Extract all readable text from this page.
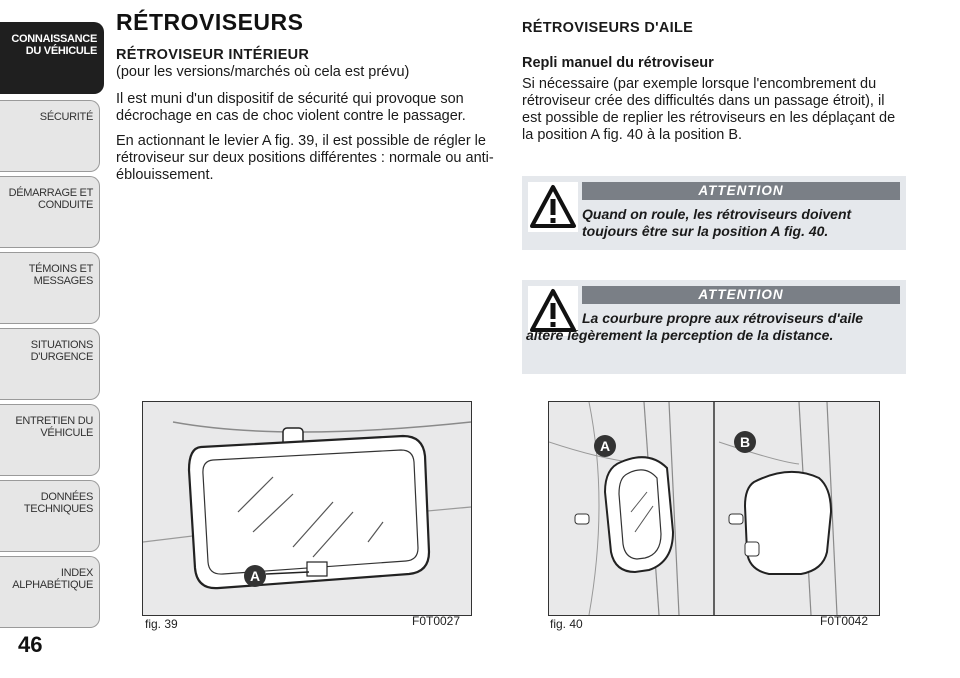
CONNAISSANCE
DU VÉHICULE
SÉCURITÉ
DÉMARRAGE ET
CONDUITE
TÉMOINS ET
MESSAGES
SITUATIONS
D'URGENCE
ENTRETIEN DU
VÉHICULE
DONNÉES
TECHNIQUES
INDEX
ALPHABÉTIQUE
46
RÉTROVISEURS
RÉTROVISEUR INTÉRIEUR

(pour les versions/marchés où cela est prévu)

Il est muni d'un dispositif de sécurité qui provoque son décrochage en cas de choc violent contre le passager.

En actionnant le levier A fig. 39, il est possible de régler le rétroviseur sur deux positions différentes : normale ou anti-éblouissement.

RÉTROVISEURS D'AILE
Repli manuel du rétroviseur

Si nécessaire (par exemple lorsque l'encombrement du rétroviseur crée des difficultés dans un passage étroit), il est possible de replier les rétroviseurs en les déplaçant de la position A fig. 40 à la position B.

ATTENTION
Quand on roule, les rétroviseurs doivent toujours être sur la position A fig. 40.
ATTENTION
La courbure propre aux rétroviseurs d'aile altère légèrement la perception de la distance.
A
fig. 39	F0T0027
A	B
fig. 40	F0T0042
